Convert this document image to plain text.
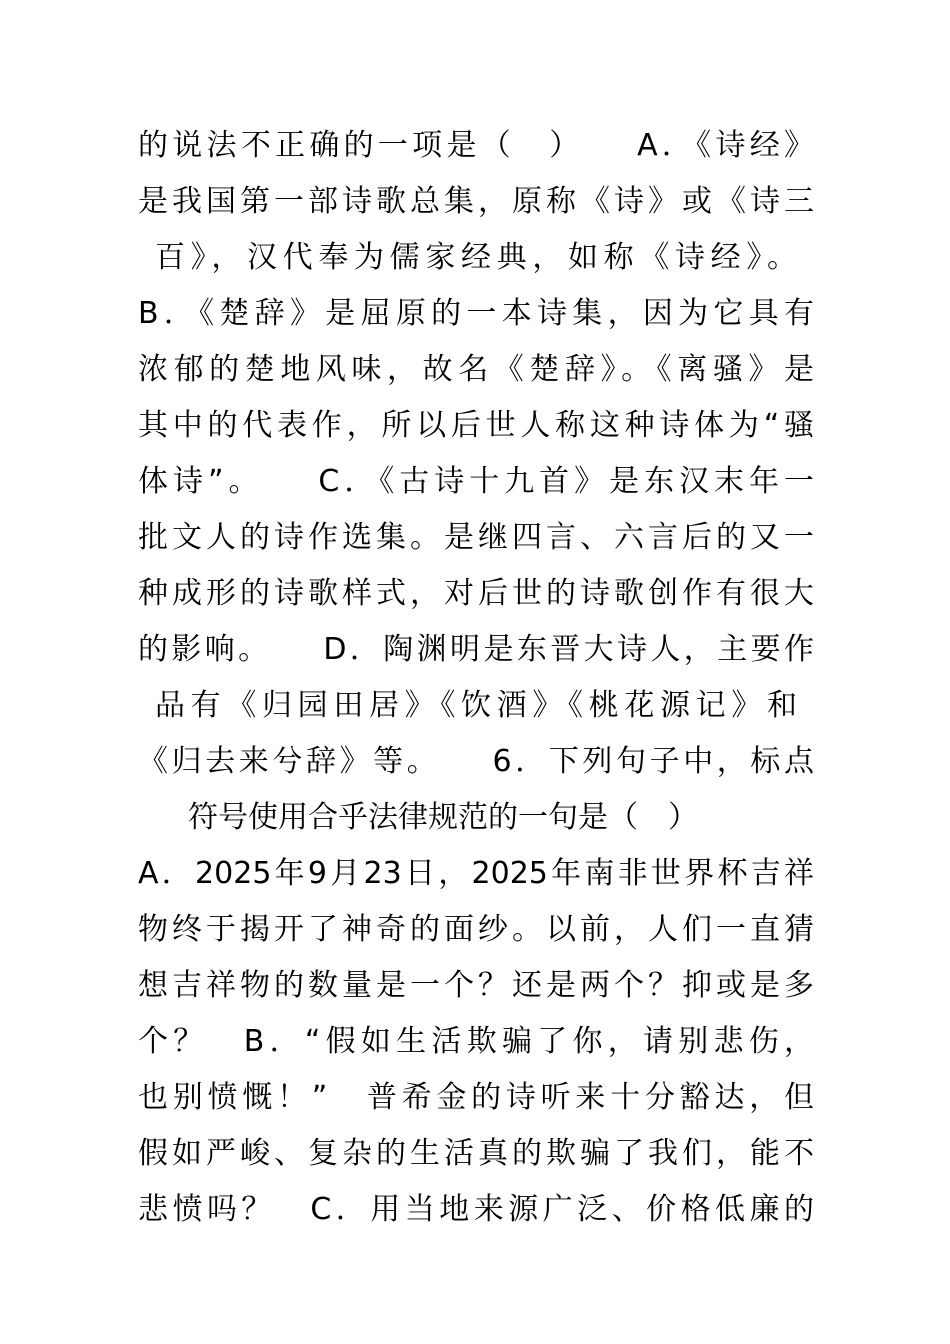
的说法不正确的一项是（　）　　A．《诗经》
是我国第一部诗歌总集，原称《诗》或《诗三
百》，汉代奉为儒家经典，如称《诗经》。
B．《楚辞》是屈原的一本诗集，因为它具有
浓郁的楚地风味，故名《楚辞》。《离骚》是
其中的代表作，所以后世人称这种诗体为“骚
体诗”。　　C．《古诗十九首》是东汉末年一
批文人的诗作选集。是继四言、六言后的又一
种成形的诗歌样式，对后世的诗歌创作有很大
的影响。　　D．陶渊明是东晋大诗人，主要作
品有《归园田居》《饮酒》《桃花源记》和
《归去来兮辞》等。　　6．下列句子中，标点
符号使用合乎法律规范的一句是（　）
A．2025年9月23日，2025年南非世界杯吉祥
物终于揭开了神奇的面纱。以前，人们一直猜
想吉祥物的数量是一个？还是两个？抑或是多
个？　B．“假如生活欺骗了你，请别悲伤，
也别愤慨！”　普希金的诗听来十分豁达，但
假如严峻、复杂的生活真的欺骗了我们，能不
悲愤吗？　C．用当地来源广泛、价格低廉的
